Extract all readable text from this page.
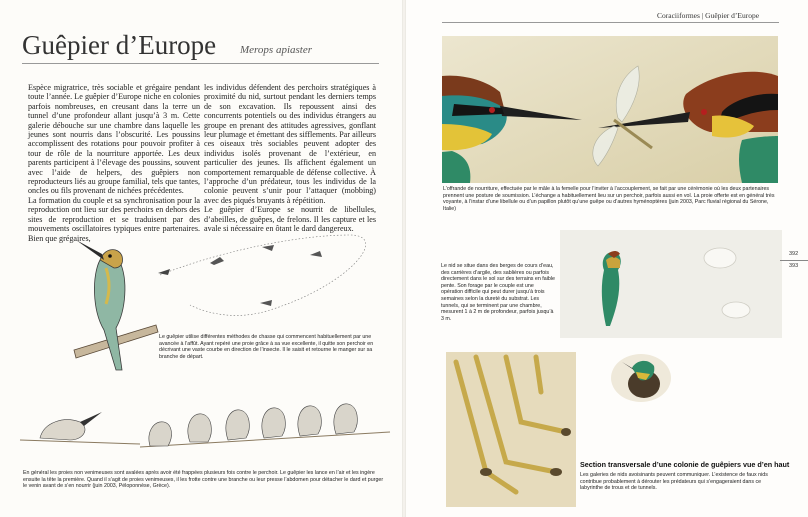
Guêpier d’Europe Merops apiaster

Espèce migratrice, très sociable et grégaire pendant toute l’année. Le guêpier d’Europe niche en colonies parfois nombreuses, en creusant dans la terre un tunnel d’une profondeur allant jusqu’à 3 m. Cette galerie débouche sur une chambre dans laquelle les jeunes sont nourris dans l’obscurité. Les poussins accomplissent des rotations pour pouvoir profiter à tour de rôle de la nourriture apportée. Les deux parents participent à l’élevage des poussins, souvent avec l’aide de helpers, des guêpiers non reproducteurs liés au groupe familial, tels que tantes, oncles ou fils provenant de nichées précédentes.

La formation du couple et sa synchronisation pour la reproduction ont lieu sur des perchoirs en dehors des sites de reproduction et se traduisent par des mouvements oscillatoires typiques entre partenaires. Bien que grégaires,

les individus défendent des perchoirs stratégiques à proximité du nid, surtout pendant les derniers temps de son excavation. Ils repoussent ainsi des concurrents potentiels ou des individus étrangers au groupe en prenant des attitudes agressives, gonflant leur plumage et émettant des sifflements. Par ailleurs ces oiseaux très sociables peuvent adopter des individus isolés provenant de l’extérieur, en particulier des jeunes. Ils affichent également un comportement remarquable de défense collective. À l’approche d’un prédateur, tous les individus de la colonie peuvent s’unir pour l’attaquer (mobbing) avec des piqués bruyants à répétition.

Le guêpier d’Europe se nourrit de libellules, d’abeilles, de guêpes, de frelons. Il les capture et les avale si nécessaire en ôtant le dard dangereux.

Le guêpier utilise différentes méthodes de chasse qui commencent habituellement par une avancée à l’affût. Ayant repéré une proie grâce à sa vue excellente, il quitte son perchoir en décrivant une vaste courbe en direction de l’insecte. Il le saisit et retourne le manger sur sa branche de départ.
En général les proies non venimeuses sont avalées après avoir été frappées plusieurs fois contre le perchoir. Le guêpier les lance en l’air et les ingère ensuite la tête la première. Quand il s’agit de proies venimeuses, il les frotte contre une branche ou leur presse l’abdomen pour détacher le dard et purger le venin avant de s’en nourrir (juin 2003, Péloponnèse, Grèce).
Coraciiformes | Guêpier d’Europe
L’offrande de nourriture, effectuée par le mâle à la femelle pour l’inviter à l’accouplement, se fait par une cérémonie où les deux partenaires prennent une posture de soumission. L’échange a habituellement lieu sur un perchoir, parfois aussi en vol. La proie offerte est en général très voyante, à l’instar d’une libellule ou d’un papillon plutôt qu’une guêpe ou d’autres hyménoptères (juin 2003, Parc fluvial régional du Sérone, Italie)
Le nid se situe dans des berges de cours d’eau, des carrières d’argile, des sablières ou parfois directement dans le sol sur des terrains en faible pente. Son forage par le couple est une opération difficile qui peut durer jusqu’à trois semaines selon la dureté du substrat. Les tunnels, qui se terminent par une chambre, mesurent 1 à 2 m de profondeur, parfois jusqu’à 3 m.
Section transversale d’une colonie de guêpiers vue d’en haut
Les galeries de nids avoisinants peuvent communiquer. L’existence de faux nids contribue probablement à dérouter les prédateurs qui s’engageraient dans ce labyrinthe de trous et de tunnels.
392
393
